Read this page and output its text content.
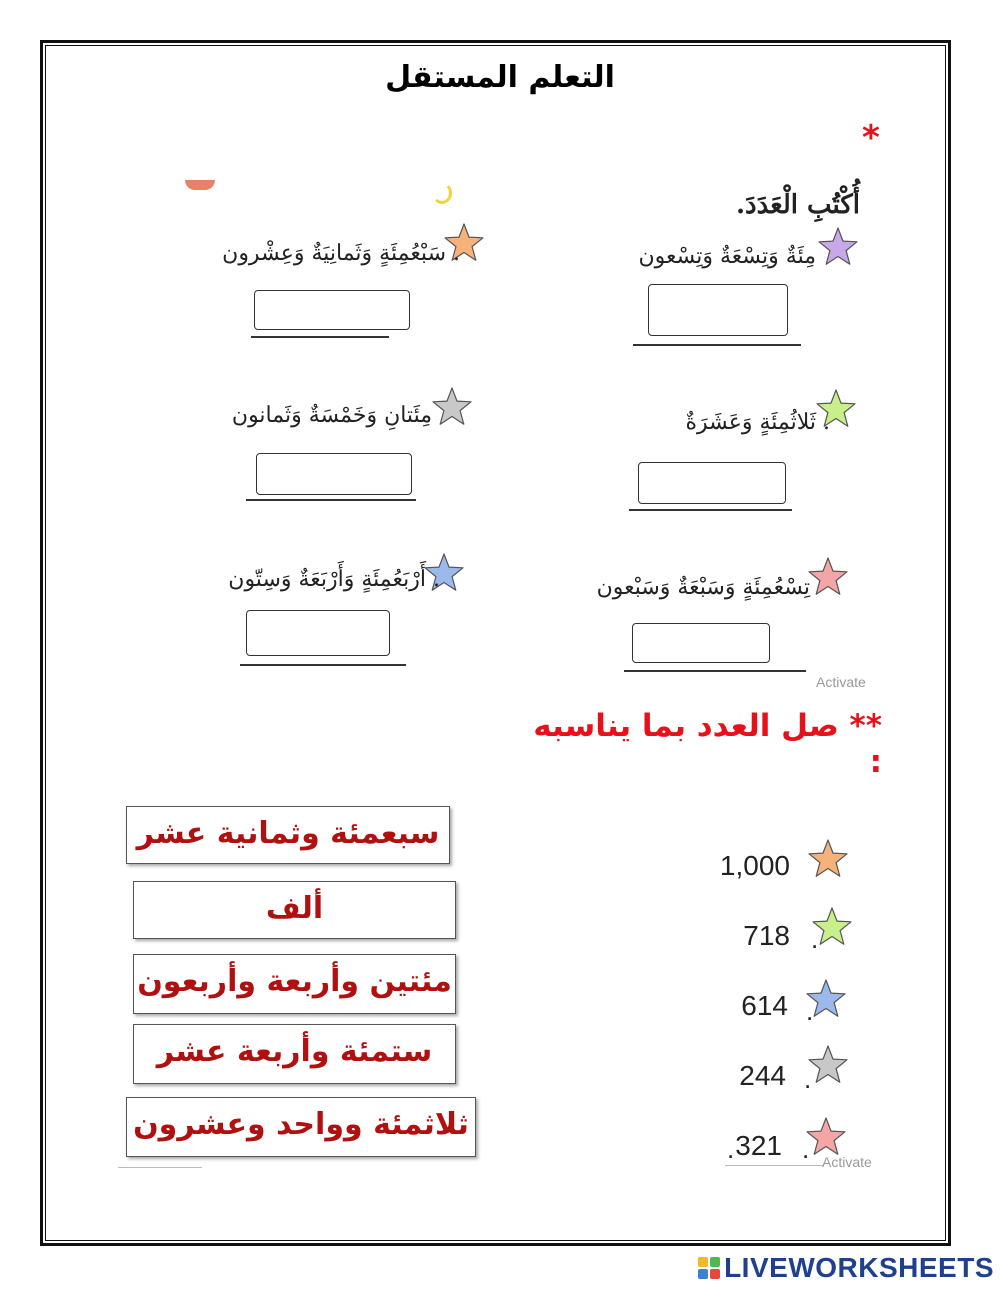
التعلم المستقل
*
أُكْتُبِ الْعَدَدَ.
مِئَةٌ وَتِسْعَةٌ وَتِسْعون
. سَبْعُمِئَةٍ وَثَمانِيَةٌ وَعِشْرون
. ثَلاثُمِئَةٍ وَعَشَرَةٌ
مِئَتانِ وَخَمْسَةٌ وَثَمانون
تِسْعُمِئَةٍ وَسَبْعَةٌ وَسَبْعون
Activate
. أَرْبَعُمِئَةٍ وَأَرْبَعَةٌ وَسِتّون
** صل العدد بما يناسبه :
سبعمئة وثمانية عشر
ألف
مئتين وأربعة وأربعون
ستمئة وأربعة عشر
ثلاثمئة وواحد وعشرون
1,000
.
718
.
614
.
244
.
. 321
Activate
LIVEWORKSHEETS
